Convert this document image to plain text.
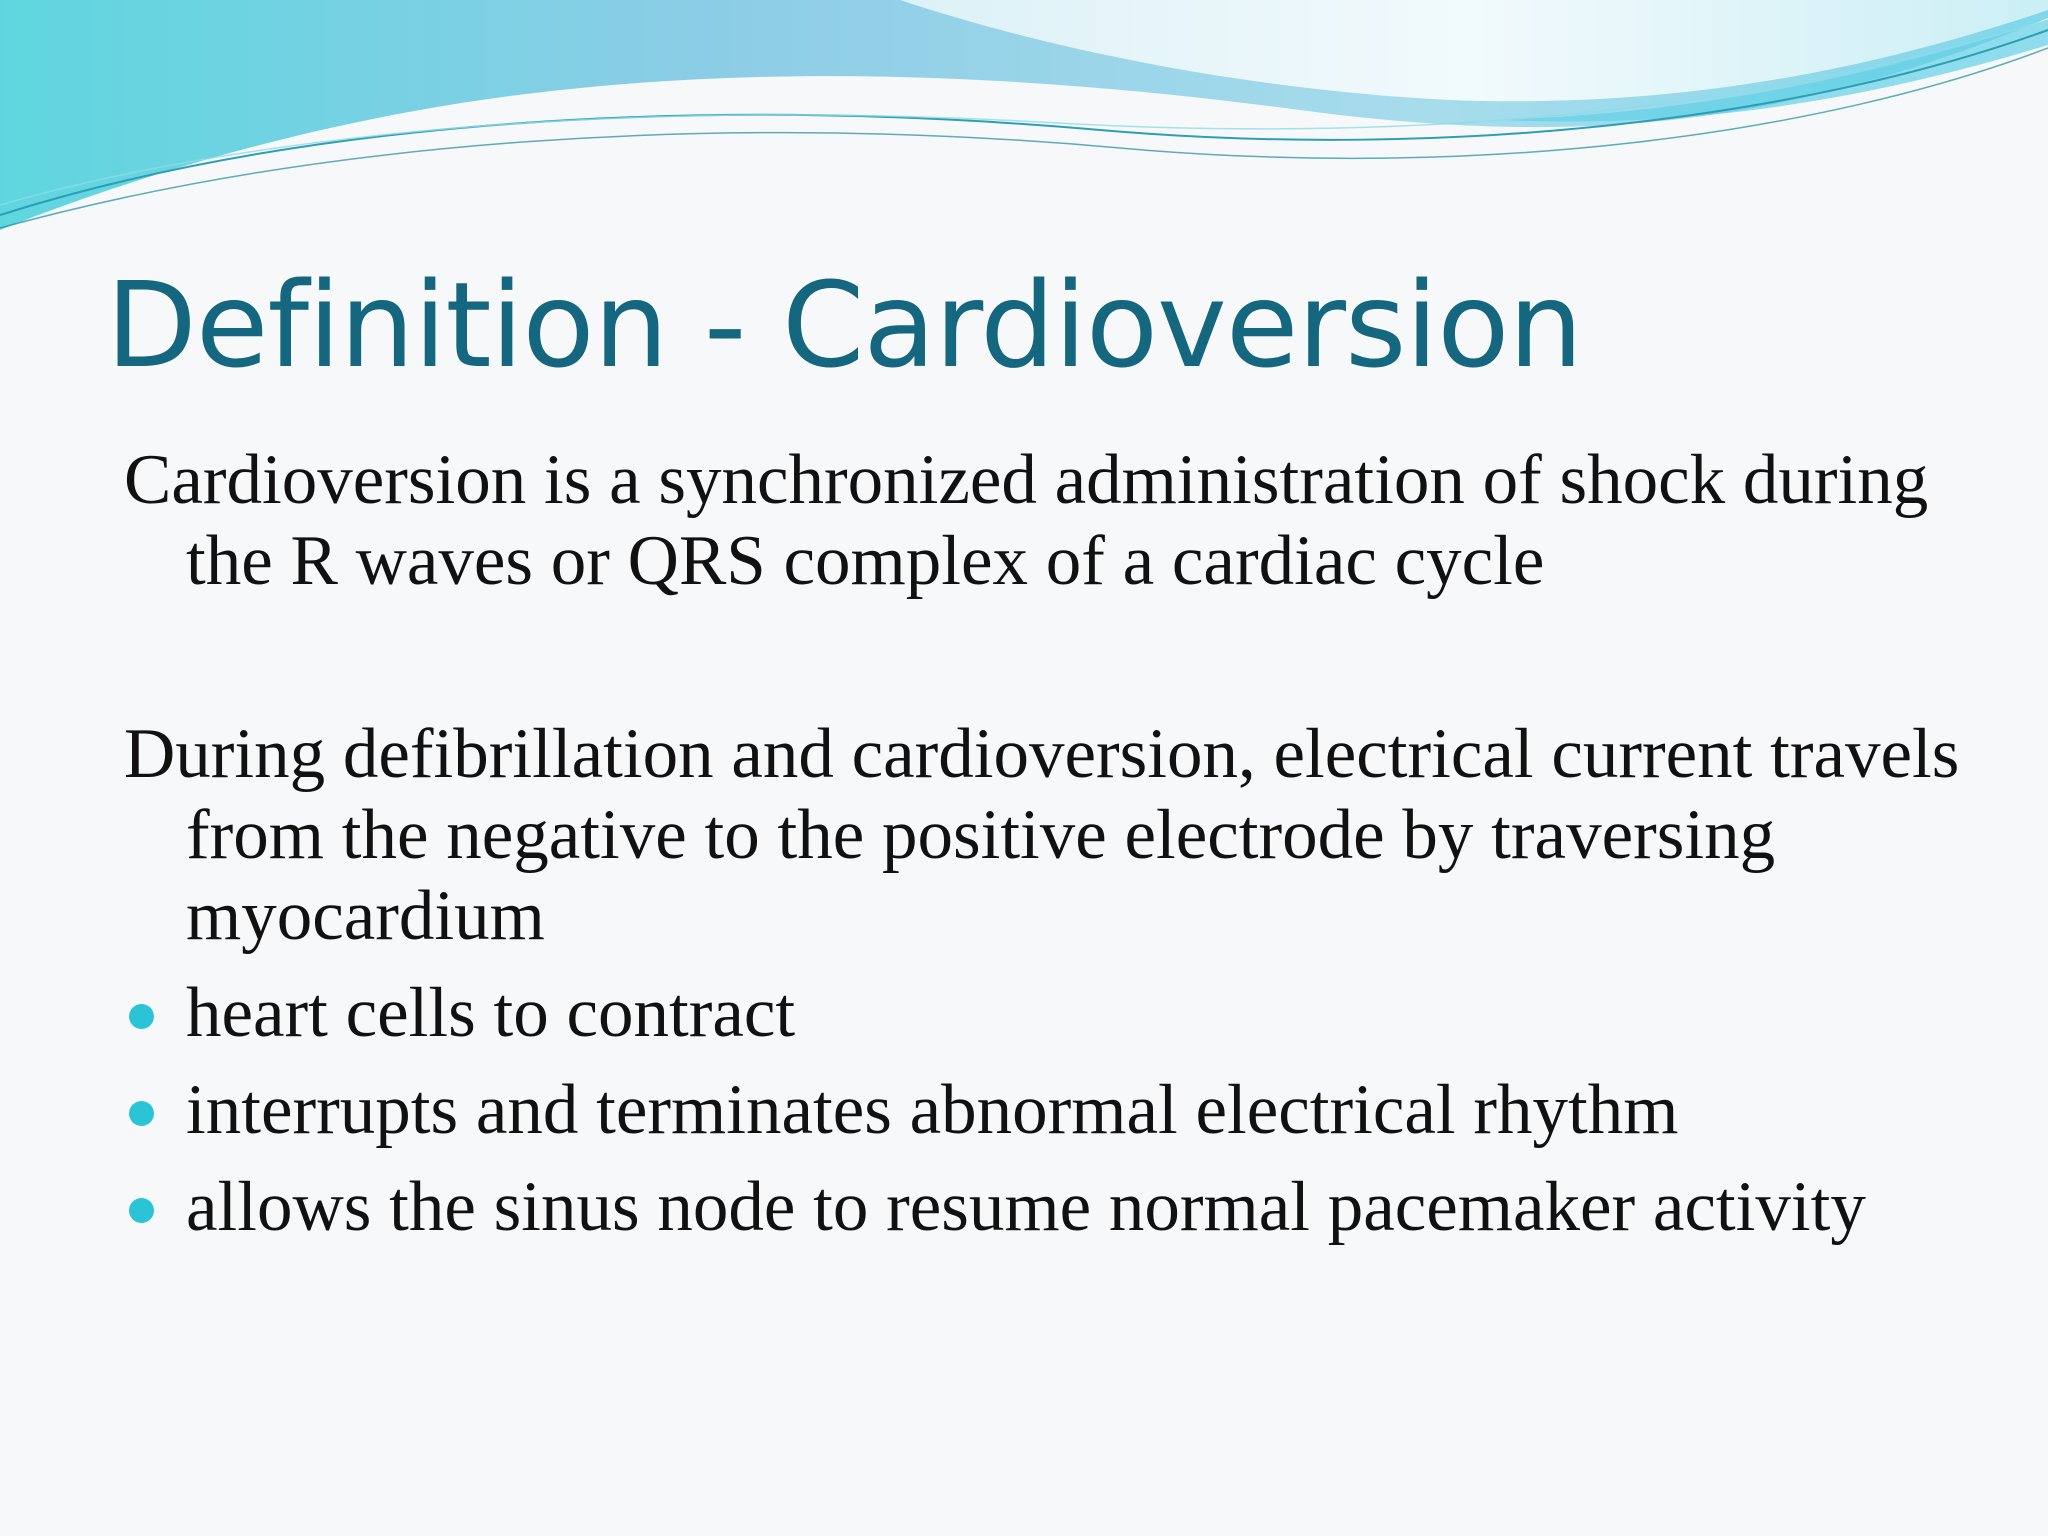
Definition - Cardioversion

Cardioversion is a synchronized administration of shock during the R waves or QRS complex of a cardiac cycle

During defibrillation and cardioversion, electrical current travels from the negative to the positive electrode by traversing myocardium

heart cells to contract
interrupts and terminates abnormal electrical rhythm
allows the sinus node to resume normal pacemaker activity
